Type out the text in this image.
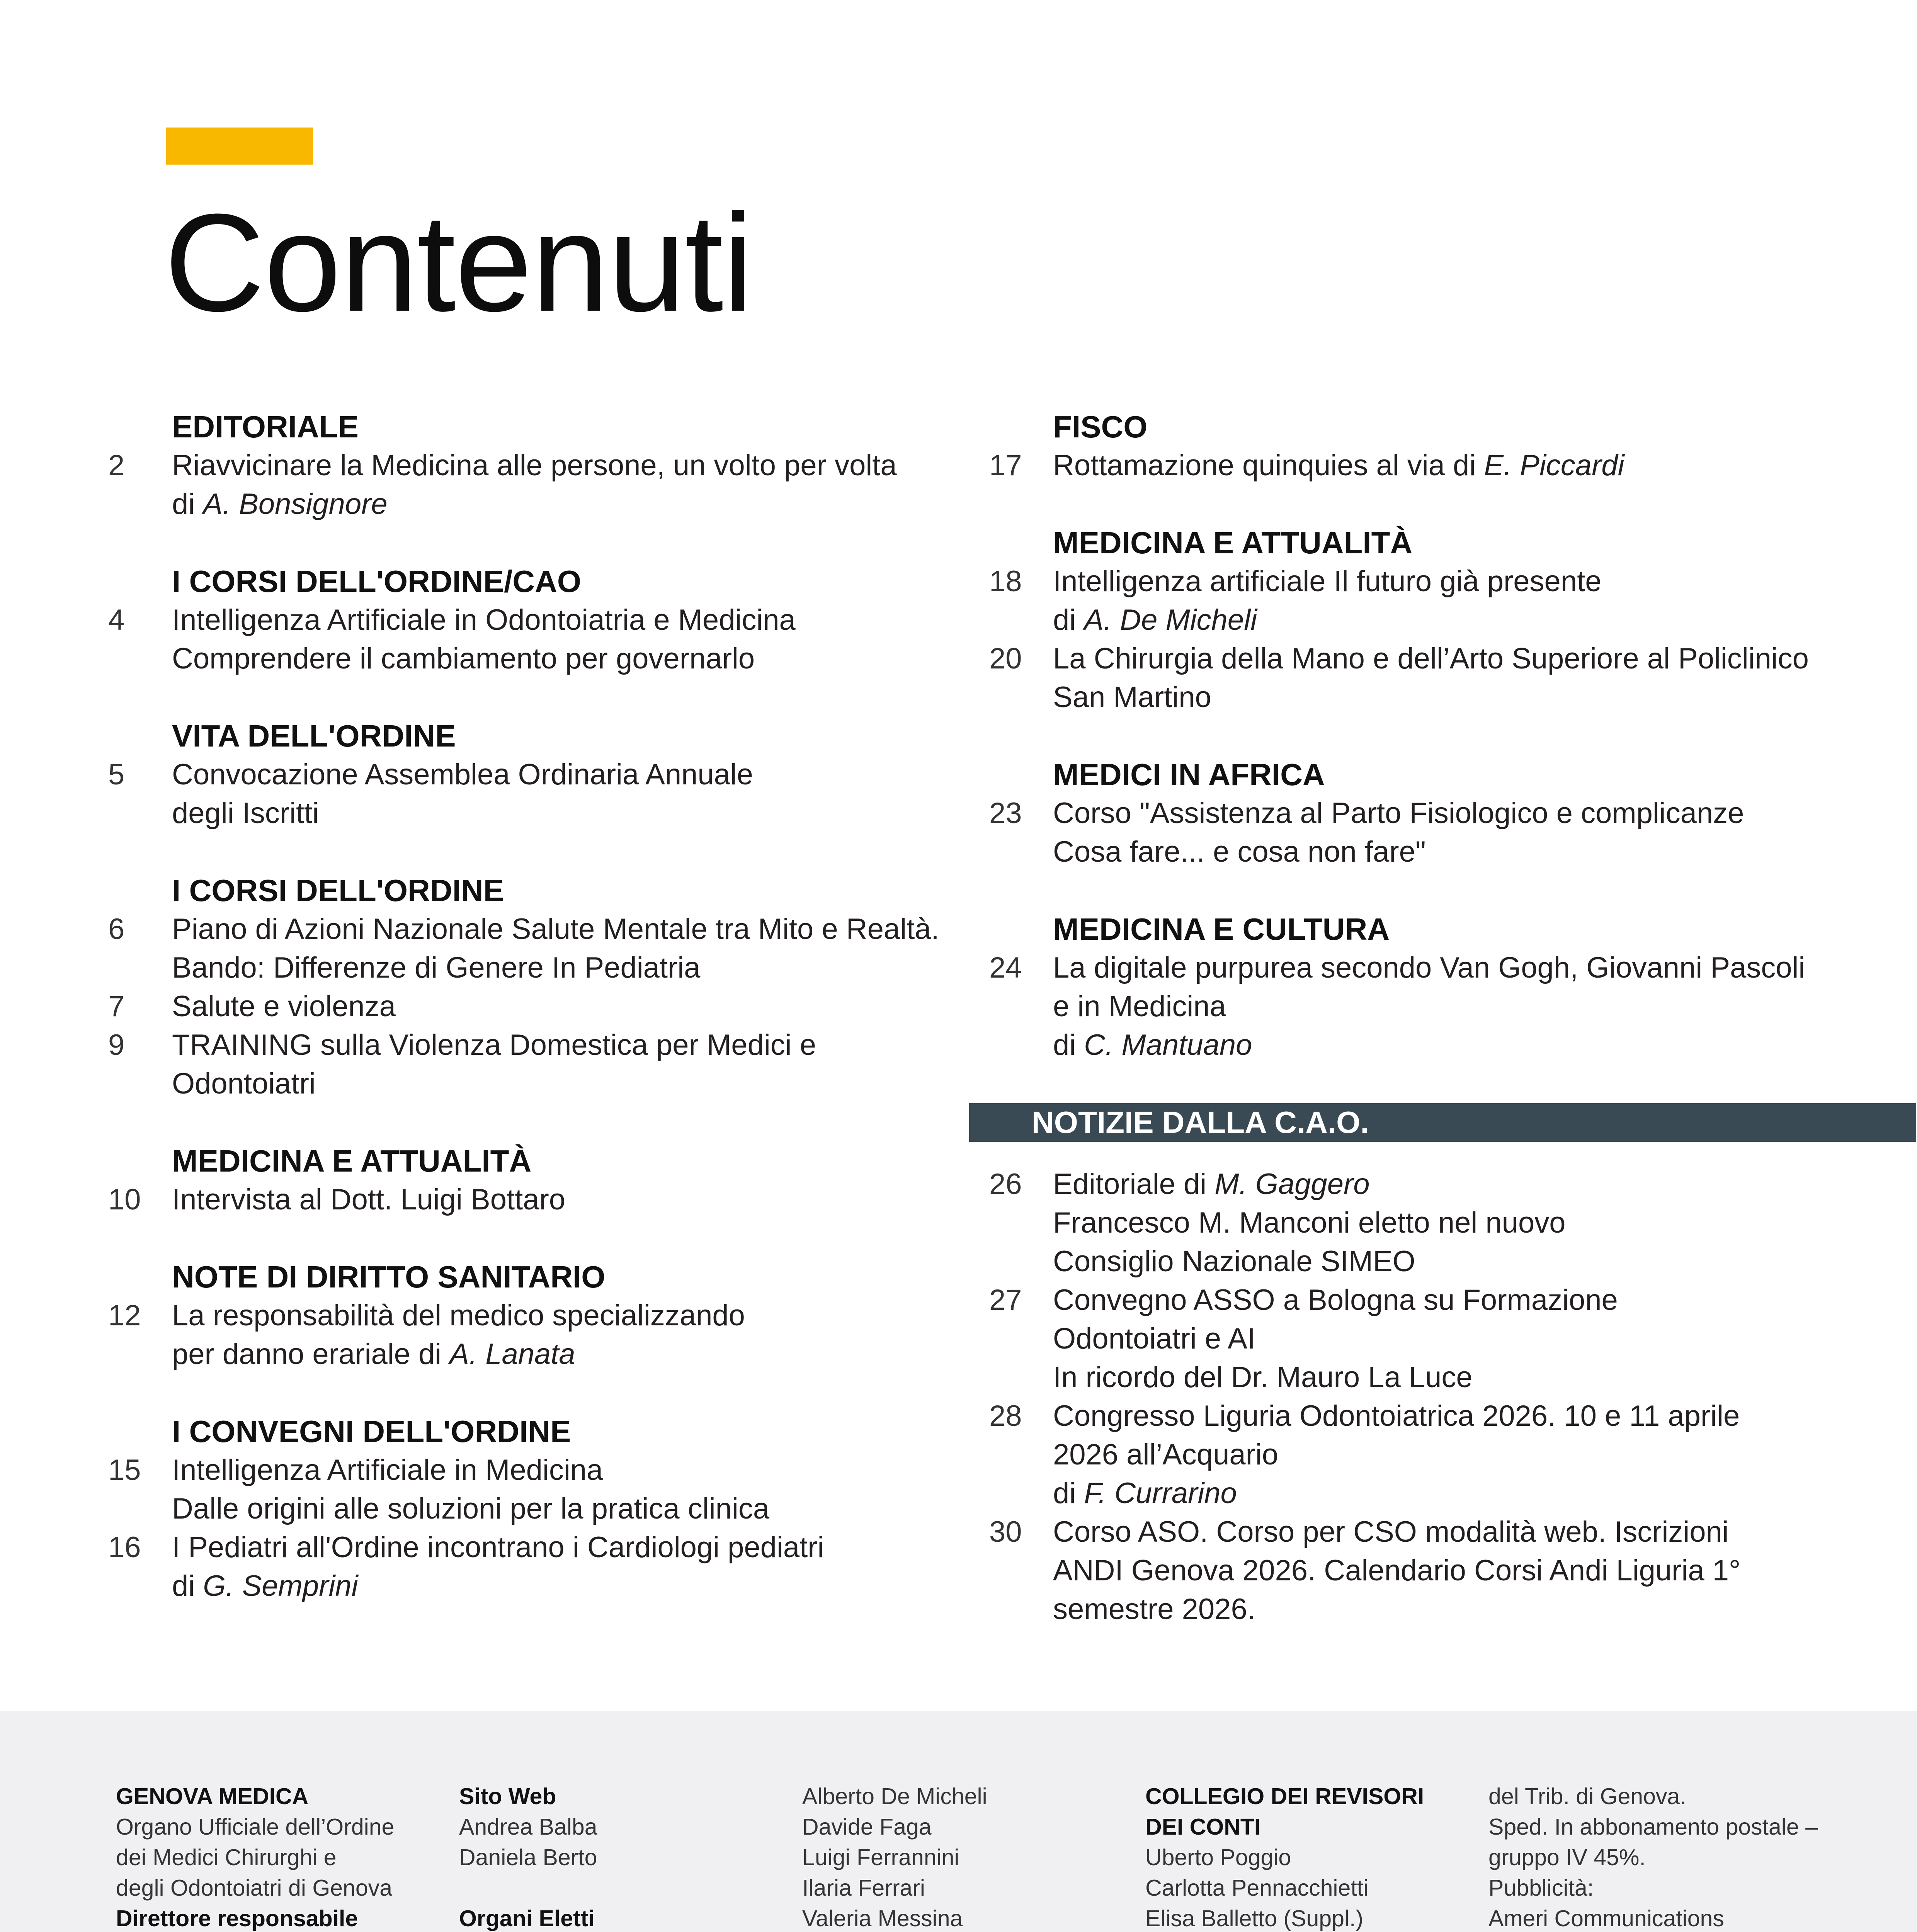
Contenuti
EDITORIALE
2	Riavvicinare la Medicina alle persone, un volto per volta
di A. Bonsignore
I CORSI DELL'ORDINE/CAO
4	Intelligenza Artificiale in Odontoiatria e Medicina
Comprendere il cambiamento per governarlo
VITA DELL'ORDINE
5	Convocazione Assemblea Ordinaria Annuale
degli Iscritti
I CORSI DELL'ORDINE
6	Piano di Azioni Nazionale Salute Mentale tra Mito e Realtà.
Bando: Differenze di Genere In Pediatria
7	Salute e violenza
9	TRAINING sulla Violenza Domestica per Medici e
Odontoiatri
MEDICINA E ATTUALITÀ
10	Intervista al Dott. Luigi Bottaro
NOTE DI DIRITTO SANITARIO
12	La responsabilità del medico specializzando
per danno erariale di A. Lanata
I CONVEGNI DELL'ORDINE
15	Intelligenza Artificiale in Medicina
Dalle origini alle soluzioni per la pratica clinica
16	I Pediatri all'Ordine incontrano i Cardiologi pediatri
di G. Semprini
FISCO
17	Rottamazione quinquies al via di E. Piccardi
MEDICINA E ATTUALITÀ
18	Intelligenza artificiale Il futuro già presente
di A. De Micheli
20	La Chirurgia della Mano e dell’Arto Superiore al Policlinico
San Martino
MEDICI IN AFRICA
23	Corso "Assistenza al Parto Fisiologico e complicanze
Cosa fare... e cosa non fare"
MEDICINA E CULTURA
24	La digitale purpurea secondo Van Gogh, Giovanni Pascoli
e in Medicina
di C. Mantuano
NOTIZIE DALLA C.A.O.
26	Editoriale di M. Gaggero
Francesco M. Manconi eletto nel nuovo
Consiglio Nazionale SIMEO
27	Convegno ASSO a Bologna su Formazione
Odontoiatri e AI
In ricordo del Dr. Mauro La Luce
28	Congresso Liguria Odontoiatrica 2026. 10 e 11 aprile
2026 all’Acquario
di F. Currarino
30	Corso ASO. Corso per CSO modalità web. Iscrizioni
ANDI Genova 2026. Calendario Corsi Andi Liguria 1°
semestre 2026.
GENOVA MEDICA
Organo Ufficiale dell’Ordine
dei Medici Chirurghi e
degli Odontoiatri di Genova
Direttore responsabile
Sito Web
Andrea Balba
Daniela Berto
Organi Eletti
Alberto De Micheli
Davide Faga
Luigi Ferrannini
Ilaria Ferrari
Valeria Messina
COLLEGIO DEI REVISORI
DEI CONTI
Uberto Poggio
Carlotta Pennacchietti
Elisa Balletto (Suppl.)
del Trib. di Genova.
Sped. In abbonamento postale –
gruppo IV 45%.
Pubblicità:
Ameri Communications
